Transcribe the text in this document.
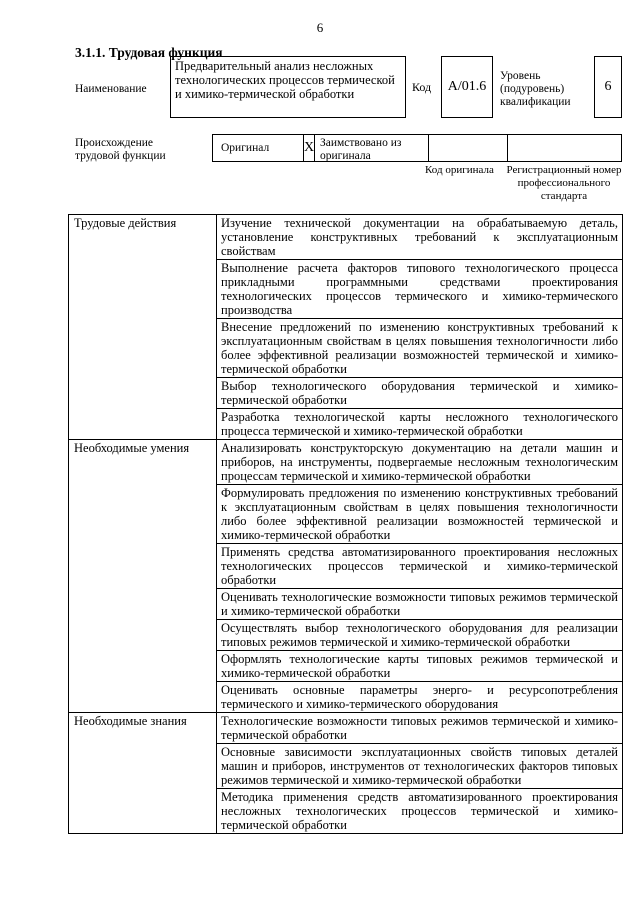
6
3.1.1. Трудовая функция
Наименование
Предварительный анализ несложных технологических процессов термической и химико-термической обработки	Код	А/01.6
Уровень (подуровень) квалификации
6
Происхождение трудовой функции
Оригинал	X Заимствовано из оригинала
Код оригинала Регистрационный номер профессионального стандарта
Трудовые действия	Изучение технической документации на обрабатываемую деталь, установление конструктивных требований к эксплуатационным свойствам
	Выполнение расчета факторов типового технологического процесса прикладными программными средствами проектирования технологических процессов термического и химико-термического производства
	Внесение предложений по изменению конструктивных требований к эксплуатационным свойствам в целях повышения технологичности либо более эффективной реализации возможностей термической и химико-термической обработки
	Выбор технологического оборудования термической и химико-термической обработки
	Разработка технологической карты несложного технологического процесса термической и химико-термической обработки
Необходимые умения	Анализировать конструкторскую документацию на детали машин и приборов, на инструменты, подвергаемые несложным технологическим процессам термической и химико-термической обработки
	Формулировать предложения по изменению конструктивных требований к эксплуатационным свойствам в целях повышения технологичности либо более эффективной реализации возможностей термической и химико-термической обработки
	Применять средства автоматизированного проектирования несложных технологических процессов термической и химико-термической обработки
	Оценивать технологические возможности типовых режимов термической и химико-термической обработки
	Осуществлять выбор технологического оборудования для реализации типовых режимов термической и химико-термической обработки
	Оформлять технологические карты типовых режимов термической и химико-термической обработки
	Оценивать основные параметры энерго- и ресурсопотребления термического и химико-термического оборудования
Необходимые знания	Технологические возможности типовых режимов термической и химико-термической обработки
	Основные зависимости эксплуатационных свойств типовых деталей машин и приборов, инструментов от технологических факторов типовых режимов термической и химико-термической обработки
	Методика применения средств автоматизированного проектирования несложных технологических процессов термической и химико-термической обработки
